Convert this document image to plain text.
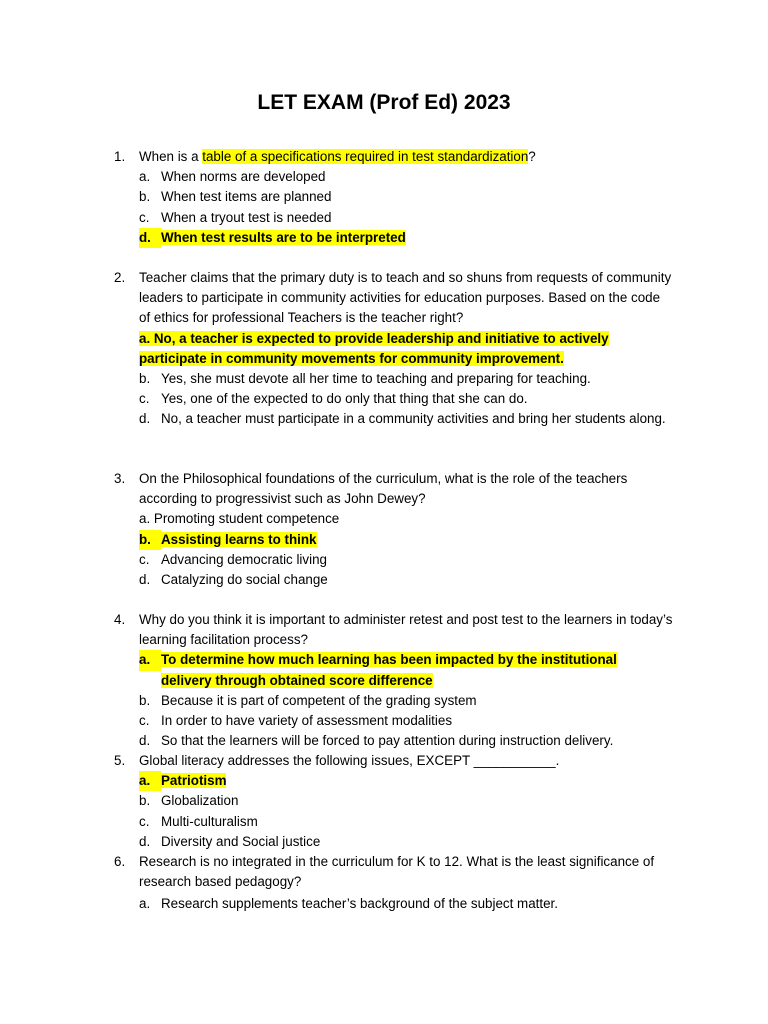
LET EXAM (Prof Ed) 2023
1.	When is a table of a specifications required in test standardization?
a. When norms are developed
b. When test items are planned
c. When a tryout test is needed
d. When test results are to be interpreted
2.	Teacher claims that the primary duty is to teach and so shuns from requests of community leaders to participate in community activities for education purposes. Based on the code of ethics for professional Teachers is the teacher right?
a. No, a teacher is expected to provide leadership and initiative to actively
participate in community movements for community improvement.
b. Yes, she must devote all her time to teaching and preparing for teaching.
c. Yes, one of the expected to do only that thing that she can do.
d. No, a teacher must participate in a community activities and bring her students along.
3.	On the Philosophical foundations of the curriculum, what is the role of the teachers according to progressivist such as John Dewey?
a. Promoting student competence
b. Assisting learns to think
c. Advancing democratic living
d. Catalyzing do social change
4.	Why do you think it is important to administer retest and post test to the learners in today’s learning facilitation process?
a. To determine how much learning has been impacted by the institutional
delivery through obtained score difference
b. Because it is part of competent of the grading system
c. In order to have variety of assessment modalities
d. So that the learners will be forced to pay attention during instruction delivery.
5.	Global literacy addresses the following issues, EXCEPT ___________.
a. Patriotism
b. Globalization
c. Multi-culturalism
d. Diversity and Social justice
6.	Research is no integrated in the curriculum for K to 12. What is the least significance of research based pedagogy?
a. Research supplements teacher’s background of the subject matter.
